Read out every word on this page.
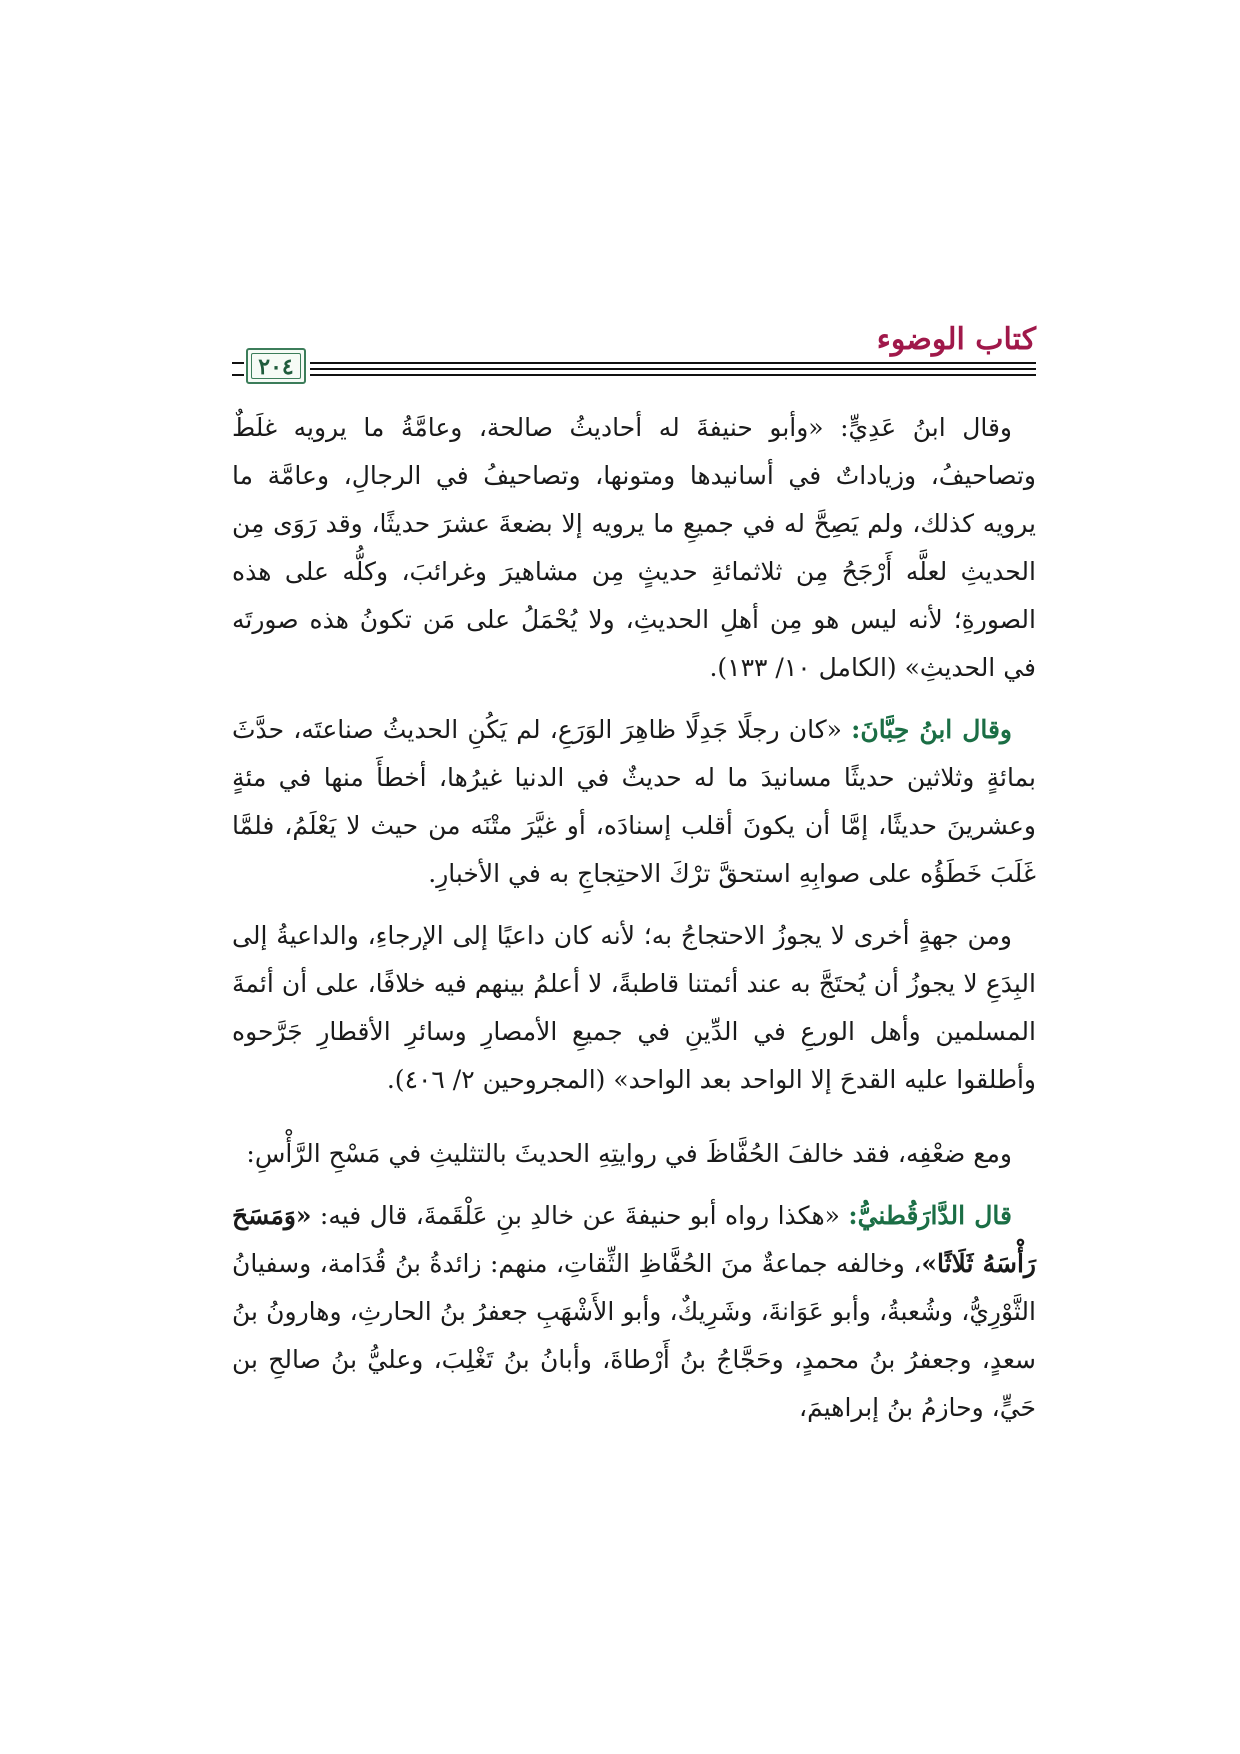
كتاب الوضوء
٢٠٤

وقال ابنُ عَدِيٍّ: «وأبو حنيفةَ له أحاديثُ صالحة، وعامَّةُ ما يرويه غلَطٌ وتصاحيفُ، وزياداتٌ في أسانيدها ومتونها، وتصاحيفُ في الرجالِ، وعامَّة ما يرويه كذلك، ولم يَصِحَّ له في جميعِ ما يرويه إلا بضعةَ عشرَ حديثًا، وقد رَوَى مِن الحديثِ لعلَّه أَرْجَحُ مِن ثلاثمائةِ حديثٍ مِن مشاهيرَ وغرائبَ، وكلُّه على هذه الصورةِ؛ لأنه ليس هو مِن أهلِ الحديثِ، ولا يُحْمَلُ على مَن تكونُ هذه صورتَه في الحديثِ» (الكامل ١٠/ ١٣٣).

وقال ابنُ حِبَّانَ: «كان رجلًا جَدِلًا ظاهِرَ الوَرَعِ، لم يَكُنِ الحديثُ صناعتَه، حدَّثَ بمائةٍ وثلاثين حديثًا مسانيدَ ما له حديثٌ في الدنيا غيرُها، أخطأَ منها في مئةٍ وعشرينَ حديثًا، إمَّا أن يكونَ أقلب إسنادَه، أو غيَّرَ متْنَه من حيث لا يَعْلَمُ، فلمَّا غَلَبَ خَطَؤُه على صوابِهِ استحقَّ ترْكَ الاحتِجاجِ به في الأخبارِ.

ومن جهةٍ أخرى لا يجوزُ الاحتجاجُ به؛ لأنه كان داعيًا إلى الإرجاءِ، والداعيةُ إلى البِدَعِ لا يجوزُ أن يُحتَجَّ به عند أئمتنا قاطبةً، لا أعلمُ بينهم فيه خلافًا، على أن أئمةَ المسلمين وأهل الورعِ في الدِّينِ في جميعِ الأمصارِ وسائرِ الأقطارِ جَرَّحوه وأطلقوا عليه القدحَ إلا الواحد بعد الواحد» (المجروحين ٢/ ٤٠٦).

ومع ضعْفِه، فقد خالفَ الحُفَّاظَ في روايتِهِ الحديثَ بالتثليثِ في مَسْحِ الرَّأْسِ:

قال الدَّارَقُطنيُّ: «هكذا رواه أبو حنيفةَ عن خالدِ بنِ عَلْقَمةَ، قال فيه: «وَمَسَحَ رَأْسَهُ ثَلَاثًا»، وخالفه جماعةٌ منَ الحُفَّاظِ الثِّقاتِ، منهم: زائدةُ بنُ قُدَامة، وسفيانُ الثَّوْرِيُّ، وشُعبةُ، وأبو عَوَانةَ، وشَرِيكٌ، وأبو الأَشْهَبِ جعفرُ بنُ الحارثِ، وهارونُ بنُ سعدٍ، وجعفرُ بنُ محمدٍ، وحَجَّاجُ بنُ أَرْطاةَ، وأبانُ بنُ تَغْلِبَ، وعليُّ بنُ صالحِ بن حَيٍّ، وحازمُ بنُ إبراهيمَ،
